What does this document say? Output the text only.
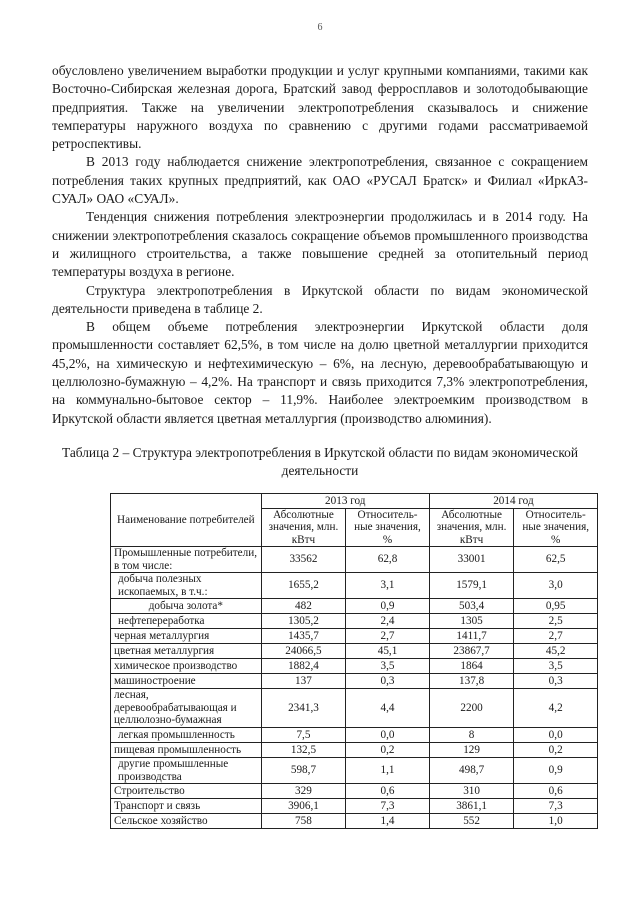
6

обусловлено увеличением выработки продукции и услуг крупными компаниями, такими как Восточно-Сибирская железная дорога, Братский завод ферросплавов и золотодобывающие предприятия. Также на увеличении электропотребления сказывалось и снижение температуры наружного воздуха по сравнению с другими годами рассматриваемой ретроспективы.

В 2013 году наблюдается снижение электропотребления, связанное с сокращением потребления таких крупных предприятий, как ОАО «РУСАЛ Братск» и Филиал «ИркАЗ-СУАЛ» ОАО «СУАЛ».

Тенденция снижения потребления электроэнергии продолжилась и в 2014 году. На снижении электропотребления сказалось сокращение объемов промышленного производства и жилищного строительства, а также повышение средней за отопительный период температуры воздуха в регионе.

Структура электропотребления в Иркутской области по видам экономической деятельности приведена в таблице 2.

В общем объеме потребления электроэнергии Иркутской области доля промышленности составляет 62,5%, в том числе на долю цветной металлургии приходится 45,2%, на химическую и нефтехимическую – 6%, на лесную, деревообрабатывающую и целлюлозно-бумажную – 4,2%. На транспорт и связь приходится 7,3% электропотребления, на коммунально-бытовое сектор – 11,9%. Наиболее электроемким производством в Иркутской области является цветная металлургия (производство алюминия).

Таблица 2 – Структура электропотребления в Иркутской области по видам экономической деятельности
Наименование потребителей	2013 год		2014 год	
	Абсолютные значения, млн. кВтч	Относитель-ные значения, %	Абсолютные значения, млн. кВтч	Относитель-ные значения, %
Промышленные потребители, в том числе:	33562	62,8	33001	62,5
добыча полезных ископаемых, в т.ч.:	1655,2	3,1	1579,1	3,0
добыча золота*	482	0,9	503,4	0,95
нефтепереработка	1305,2	2,4	1305	2,5
черная металлургия	1435,7	2,7	1411,7	2,7
цветная металлургия	24066,5	45,1	23867,7	45,2
химическое производство	1882,4	3,5	1864	3,5
машиностроение	137	0,3	137,8	0,3
лесная, деревообрабатывающая и целлюлозно-бумажная	2341,3	4,4	2200	4,2
легкая промышленность	7,5	0,0	8	0,0
пищевая промышленность	132,5	0,2	129	0,2
другие промышленные производства	598,7	1,1	498,7	0,9
Строительство	329	0,6	310	0,6
Транспорт и связь	3906,1	7,3	3861,1	7,3
Сельское хозяйство	758	1,4	552	1,0
